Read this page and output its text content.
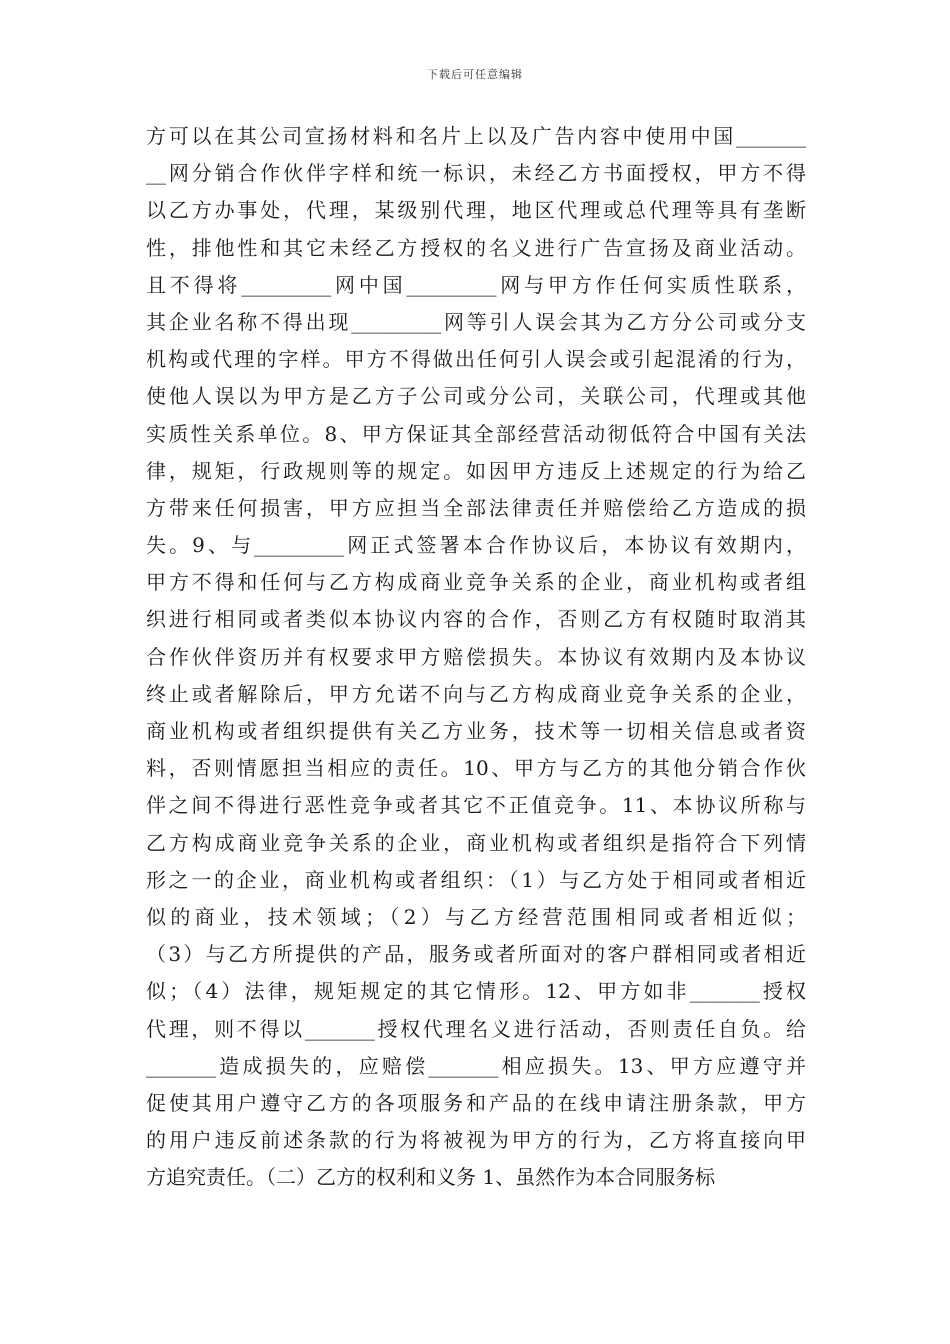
下载后可任意编辑
方可以在其公司宣扬材料和名片上以及广告内容中使用中国_______
__网分销合作伙伴字样和统一标识，未经乙方书面授权，甲方不得
以乙方办事处，代理，某级别代理，地区代理或总代理等具有垄断
性，排他性和其它未经乙方授权的名义进行广告宣扬及商业活动。
且不得将_________网中国_________网与甲方作任何实质性联系，
其企业名称不得出现_________网等引人误会其为乙方分公司或分支
机构或代理的字样。甲方不得做出任何引人误会或引起混淆的行为，
使他人误以为甲方是乙方子公司或分公司，关联公司，代理或其他
实质性关系单位。8、甲方保证其全部经营活动彻低符合中国有关法
律，规矩，行政规则等的规定。如因甲方违反上述规定的行为给乙
方带来任何损害，甲方应担当全部法律责任并赔偿给乙方造成的损
失。9、与_________网正式签署本合作协议后，本协议有效期内，
甲方不得和任何与乙方构成商业竞争关系的企业，商业机构或者组
织进行相同或者类似本协议内容的合作，否则乙方有权随时取消其
合作伙伴资历并有权要求甲方赔偿损失。本协议有效期内及本协议
终止或者解除后，甲方允诺不向与乙方构成商业竞争关系的企业，
商业机构或者组织提供有关乙方业务，技术等一切相关信息或者资
料，否则情愿担当相应的责任。10、甲方与乙方的其他分销合作伙
伴之间不得进行恶性竞争或者其它不正值竞争。11、本协议所称与
乙方构成商业竞争关系的企业，商业机构或者组织是指符合下列情
形之一的企业，商业机构或者组织：（1）与乙方处于相同或者相近
似的商业，技术领域；（2）与乙方经营范围相同或者相近似；
（3）与乙方所提供的产品，服务或者所面对的客户群相同或者相近
似；（4）法律，规矩规定的其它情形。12、甲方如非_______授权
代理，则不得以_______授权代理名义进行活动，否则责任自负。给
_______造成损失的，应赔偿_______相应损失。13、甲方应遵守并
促使其用户遵守乙方的各项服务和产品的在线申请注册条款，甲方
的用户违反前述条款的行为将被视为甲方的行为，乙方将直接向甲
方追究责任。（二）乙方的权利和义务 1、虽然作为本合同服务标
